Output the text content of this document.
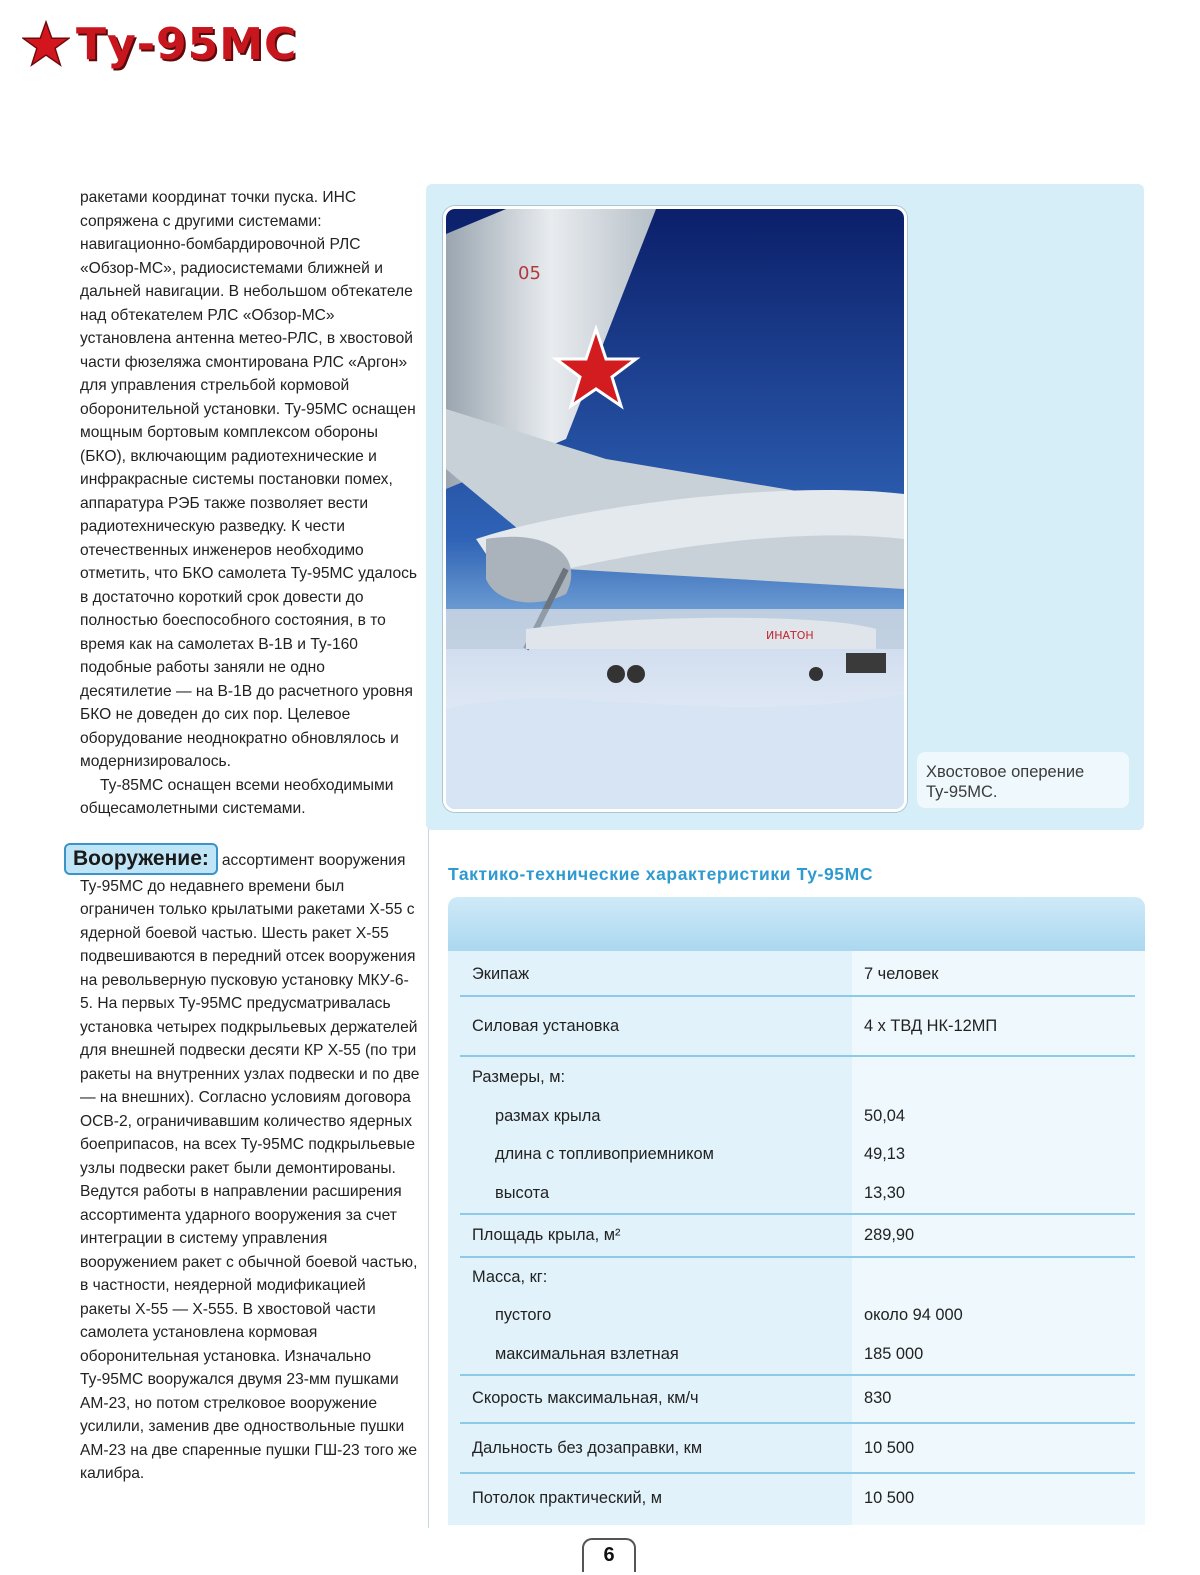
Ту-95МС

ракетами координат точки пуска. ИНС сопряжена с другими системами: навигационно-бомбардировочной РЛС «Обзор-МС», радиосистемами ближней и дальней навигации. В небольшом обтекателе над обтекателем РЛС «Обзор-МС» установлена антенна метео-РЛС, в хвостовой части фюзеляжа смонтирована РЛС «Аргон» для управления стрельбой кормовой оборонительной установки. Ту-95МС оснащен мощным бортовым комплексом обороны (БКО), включающим радиотехнические и инфракрасные системы постановки помех, аппаратура РЭБ также позволяет вести радиотехническую разведку. К чести отечественных инженеров необходимо отметить, что БКО самолета Ту-95МС удалось в достаточно короткий срок довести до полностью боеспособного состояния, в то время как на самолетах В-1В и Ту-160 подобные работы заняли не одно десятилетие — на В-1В до расчетного уровня БКО не доведен до сих пор. Целевое оборудование неоднократно обновлялось и модернизировалось.

Ту-85МС оснащен всеми необходимыми общесамолетными системами.

Вооружение: ассортимент вооружения Ту-95МС до недавнего времени был ограничен только крылатыми ракетами Х-55 с ядерной боевой частью. Шесть ракет Х-55 подвешиваются в передний отсек вооружения на револьверную пусковую установку МКУ-6-5. На первых Ту-95МС предусматривалась установка четырех подкрыльевых держателей для внешней подвески десяти КР Х-55 (по три ракеты на внутренних узлах подвески и по две — на внешних). Согласно условиям договора ОСВ-2, ограничивавшим количество ядерных боеприпасов, на всех Ту-95МС подкрыльевые узлы подвески ракет были демонтированы. Ведутся работы в направлении расширения ассортимента ударного вооружения за счет интеграции в систему управления вооружением ракет с обычной боевой частью, в частности, неядерной модификацией ракеты Х-55 — Х-555. В хвостовой части самолета установлена кормовая оборонительная установка. Изначально Ту-95МС вооружался двумя 23-мм пушками АМ-23, но потом стрелковое вооружение усилили, заменив две одноствольные пушки АМ-23 на две спаренные пушки ГШ-23 того же калибра.

05
ИНАТОН
Хвостовое оперение Ту-95МС.
Тактико-технические характеристики Ту-95МС
Экипаж	7 человек
Силовая установка	4 x ТВД НК-12МП
Размеры, м:
размах крыла	50,04
длина с топливоприемником	49,13
высота	13,30
Площадь крыла, м²	289,90
Масса, кг:
пустого	около 94 000
максимальная взлетная	185 000
Скорость максимальная, км/ч	830
Дальность без дозаправки, км	10 500
Потолок практический, м	10 500
6
